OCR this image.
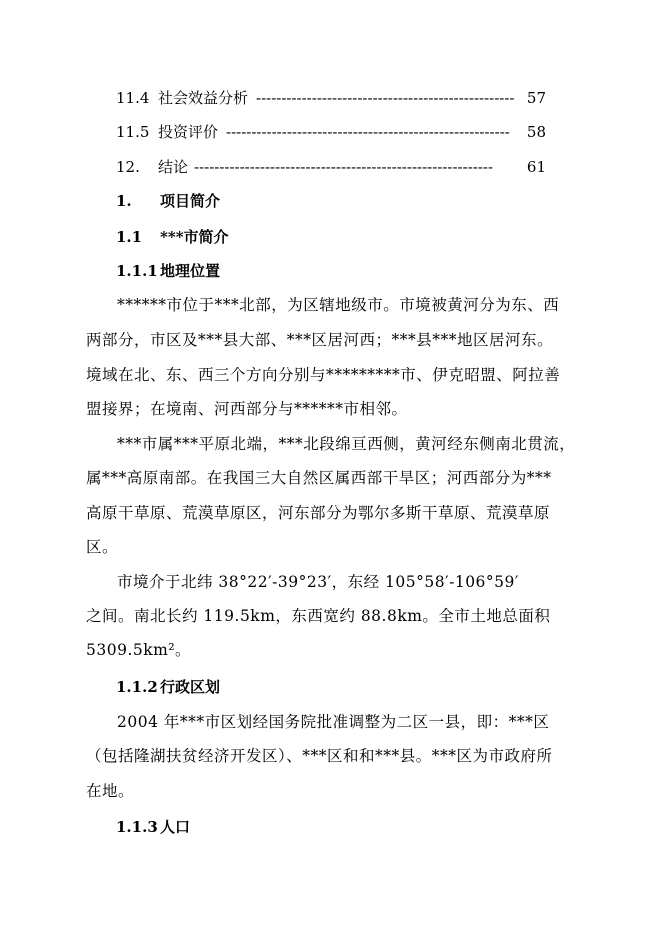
---------------------------------------------------
11.4 社会效益分析	57
--------------------------------------------------------
11.5 投资评价	58
-----------------------------------------------------------
12. 结论	61
1. 项目简介
1.1 ***市简介
1.1.1 地理位置
******市位于***北部，为区辖地级市。市境被黄河分为东、西
两部分，市区及***县大部、***区居河西；***县***地区居河东。
境域在北、东、西三个方向分别与*********市、伊克昭盟、阿拉善
盟接界；在境南、河西部分与******市相邻。
***市属***平原北端，***北段绵亘西侧，黄河经东侧南北贯流，
属***高原南部。在我国三大自然区属西部干旱区；河西部分为***
高原干草原、荒漠草原区，河东部分为鄂尔多斯干草原、荒漠草原
区。
市境介于北纬 38°22′-39°23′，东经 105°58′-106°59′
之间。南北长约 119.5km，东西宽约 88.8km。全市土地总面积
5309.5km²。
1.1.2 行政区划
2004 年***市区划经国务院批准调整为二区一县，即：***区
（包括隆湖扶贫经济开发区）、***区和和***县。***区为市政府所
在地。
1.1.3 人口
